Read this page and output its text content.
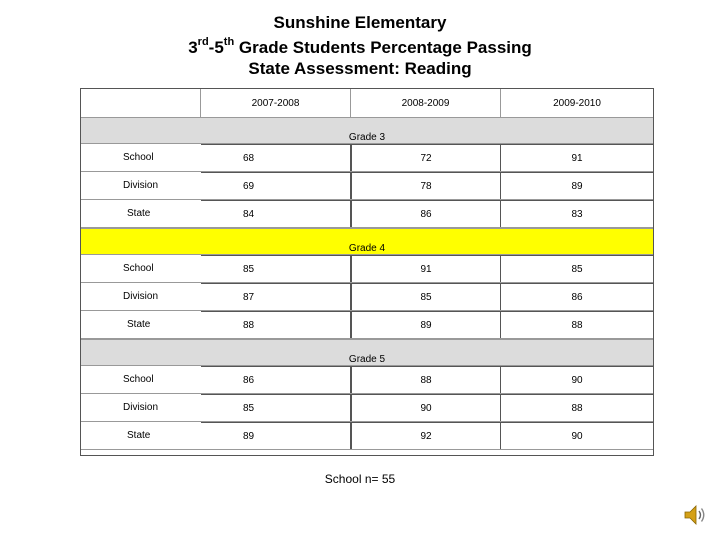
Sunshine Elementary
3rd-5th Grade Students Percentage Passing
State Assessment: Reading
2007-2008	2008-2009	2009-2010
Grade 3
School	68	72	91
Division	69	78	89
State	84	86	83
Grade 4
School	85	91	85
Division	87	85	86
State	88	89	88
Grade 5
School	86	88	90
Division	85	90	88
State	89	92	90
School n= 55
